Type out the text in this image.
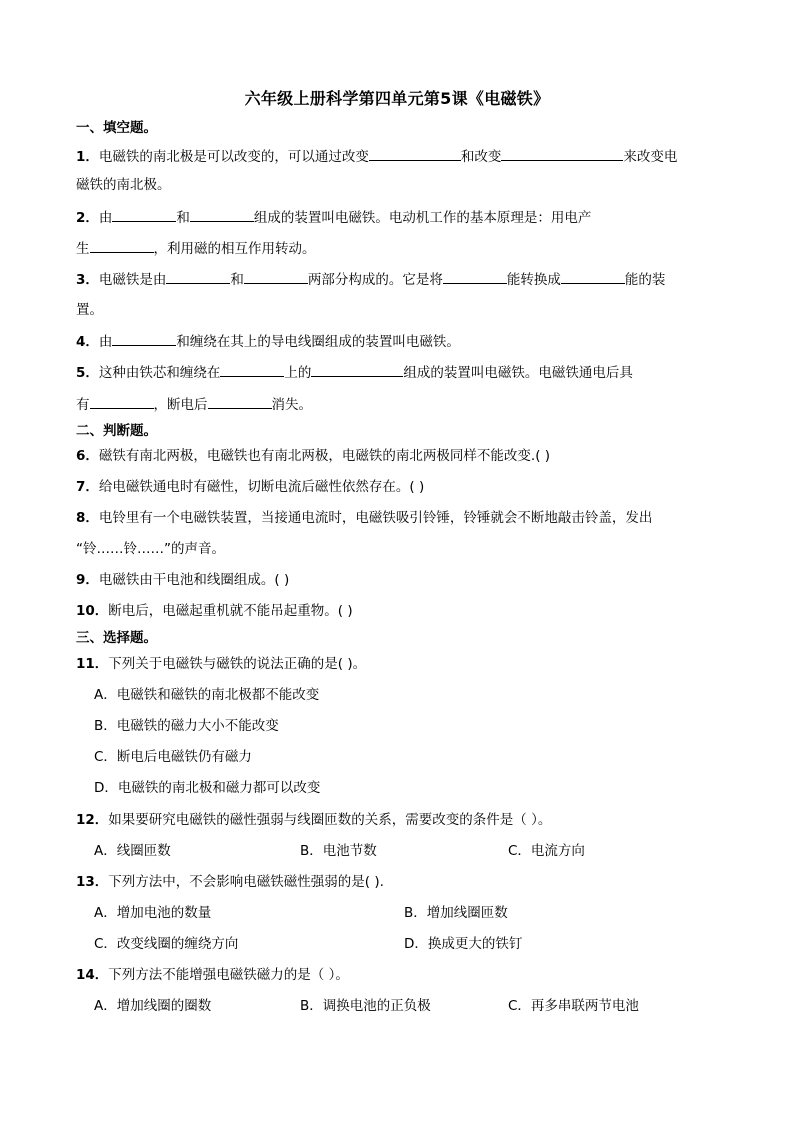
六年级上册科学第四单元第5课《电磁铁》
一、填空题。
1．电磁铁的南北极是可以改变的，可以通过改变	和改变	来改变电
磁铁的南北极。
2．由	和	组成的装置叫电磁铁。电动机工作的基本原理是：用电产
生	，利用磁的相互作用转动。
3．电磁铁是由	和	两部分构成的。它是将	能转换成	能的装
置。
4．由	和缠绕在其上的导电线圈组成的装置叫电磁铁。
5．这种由铁芯和缠绕在	上的	组成的装置叫电磁铁。电磁铁通电后具
有	，断电后	消失。
二、判断题。
6．磁铁有南北两极，电磁铁也有南北两极，电磁铁的南北两极同样不能改变.( )
7．给电磁铁通电时有磁性，切断电流后磁性依然存在。( )
8．电铃里有一个电磁铁装置，当接通电流时，电磁铁吸引铃锤，铃锤就会不断地敲击铃盖，发出
“铃……铃……”的声音。
9．电磁铁由干电池和线圈组成。( )
10．断电后，电磁起重机就不能吊起重物。( )
三、选择题。
11．下列关于电磁铁与磁铁的说法正确的是( )。
A．电磁铁和磁铁的南北极都不能改变
B．电磁铁的磁力大小不能改变
C．断电后电磁铁仍有磁力
D．电磁铁的南北极和磁力都可以改变
12．如果要研究电磁铁的磁性强弱与线圈匝数的关系，需要改变的条件是（ ）。
A．线圈匝数	B．电池节数	C．电流方向
13．下列方法中，不会影响电磁铁磁性强弱的是( ).
A．增加电池的数量	B．增加线圈匝数
C．改变线圈的缠绕方向	D．换成更大的铁钉
14．下列方法不能增强电磁铁磁力的是（ ）。
A．增加线圈的圈数	B．调换电池的正负极	C．再多串联两节电池
